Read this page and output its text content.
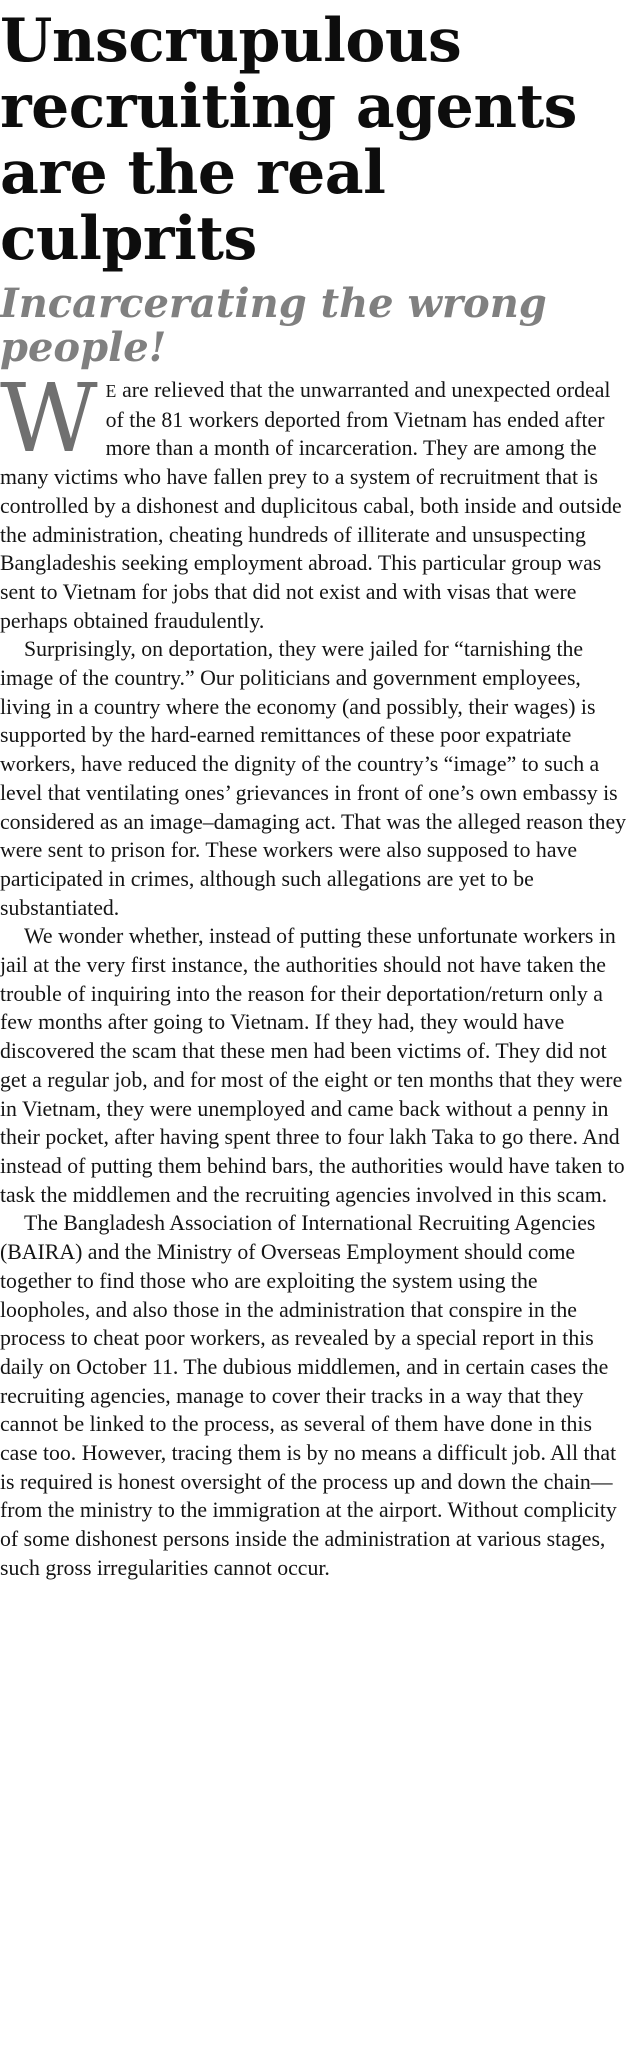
Unscrupulous recruiting agents are the real culprits
Incarcerating the wrong people!

W E are relieved that the unwarranted and unexpected ordeal of the 81 workers deported from Vietnam has ended after more than a month of incarceration. They are among the many victims who have fallen prey to a system of recruitment that is controlled by a dishonest and duplicitous cabal, both inside and outside the administration, cheating hundreds of illiterate and unsuspecting Bangladeshis seeking employment abroad. This particular group was sent to Vietnam for jobs that did not exist and with visas that were perhaps obtained fraudulently.

Surprisingly, on deportation, they were jailed for “tarnishing the image of the country.” Our politicians and government employees, living in a country where the economy (and possibly, their wages) is supported by the hard-earned remittances of these poor expatriate workers, have reduced the dignity of the country’s “image” to such a level that ventilating ones’ grievances in front of one’s own embassy is considered as an image–damaging act. That was the alleged reason they were sent to prison for. These workers were also supposed to have participated in crimes, although such allegations are yet to be substantiated.

We wonder whether, instead of putting these unfortunate workers in jail at the very first instance, the authorities should not have taken the trouble of inquiring into the reason for their deportation/return only a few months after going to Vietnam. If they had, they would have discovered the scam that these men had been victims of. They did not get a regular job, and for most of the eight or ten months that they were in Vietnam, they were unemployed and came back without a penny in their pocket, after having spent three to four lakh Taka to go there. And instead of putting them behind bars, the authorities would have taken to task the middlemen and the recruiting agencies involved in this scam.

The Bangladesh Association of International Recruiting Agencies (BAIRA) and the Ministry of Overseas Employment should come together to find those who are exploiting the system using the loopholes, and also those in the administration that conspire in the process to cheat poor workers, as revealed by a special report in this daily on October 11. The dubious middlemen, and in certain cases the recruiting agencies, manage to cover their tracks in a way that they cannot be linked to the process, as several of them have done in this case too. However, tracing them is by no means a difficult job. All that is required is honest oversight of the process up and down the chain—from the ministry to the immigration at the airport. Without complicity of some dishonest persons inside the administration at various stages, such gross irregularities cannot occur.
